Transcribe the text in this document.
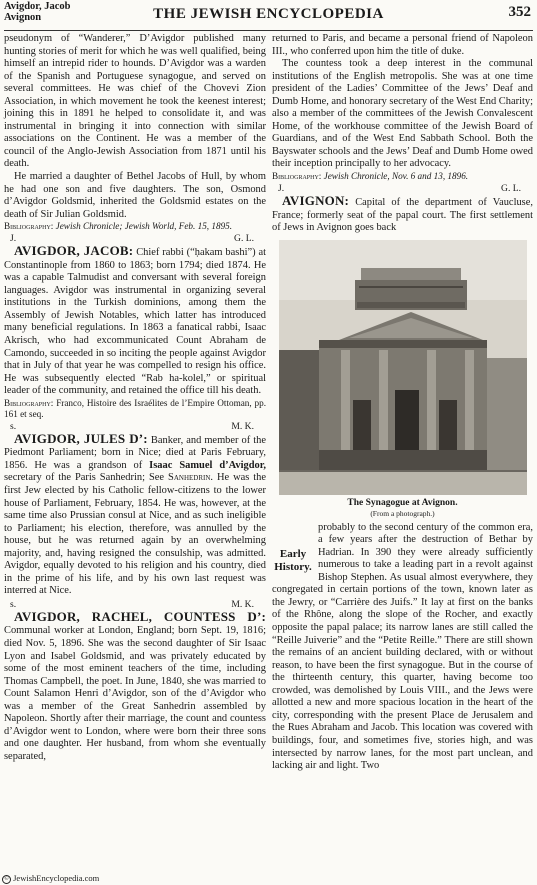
Avigdor, Jacob
Avignon	THE JEWISH ENCYCLOPEDIA	352

pseudonym of “Wanderer,” D’Avigdor published many hunting stories of merit for which he was well qualified, being himself an intrepid rider to hounds. D’Avigdor was a warden of the Spanish and Portuguese synagogue, and served on several committees. He was chief of the Chovevi Zion Association, in which movement he took the keenest interest; joining this in 1891 he helped to consolidate it, and was instrumental in bringing it into connection with similar associations on the Continent. He was a member of the council of the Anglo-Jewish Association from 1871 until his death.

He married a daughter of Bethel Jacobs of Hull, by whom he had one son and five daughters. The son, Osmond d’Avigdor Goldsmid, inherited the Goldsmid estates on the death of Sir Julian Goldsmid.

Bibliography: Jewish Chronicle; Jewish World, Feb. 15, 1895.

J.	G. L.

AVIGDOR, JACOB: Chief rabbi (“ḥakam bashi”) at Constantinople from 1860 to 1863; born 1794; died 1874. He was a capable Talmudist and conversant with several foreign languages. Avigdor was instrumental in organizing several institutions in the Turkish dominions, among them the Assembly of Jewish Notables, which latter has introduced many beneficial regulations. In 1863 a fanatical rabbi, Isaac Akrisch, who had excommunicated Count Abraham de Camondo, succeeded in so inciting the people against Avigdor that in July of that year he was compelled to resign his office. He was subsequently elected “Rab ha-kolel,” or spiritual leader of the community, and retained the office till his death.

Bibliography: Franco, Histoire des Israélites de l’Empire Ottoman, pp. 161 et seq.

s.	M. K.

AVIGDOR, JULES D’: Banker, and member of the Piedmont Parliament; born in Nice; died at Paris February, 1856. He was a grandson of Isaac Samuel d’Avigdor, secretary of the Paris Sanhedrin; See Sanhedrin. He was the first Jew elected by his Catholic fellow-citizens to the lower house of Parliament, February, 1854. He was, however, at the same time also Prussian consul at Nice, and as such ineligible to Parliament; his election, therefore, was annulled by the house, but he was returned again by an overwhelming majority, and, having resigned the consulship, was admitted. Avigdor, equally devoted to his religion and his country, died in the prime of his life, and by his own last request was interred at Nice.

s.	M. K.

AVIGDOR, RACHEL, COUNTESS D’: Communal worker at London, England; born Sept. 19, 1816; died Nov. 5, 1896. She was the second daughter of Sir Isaac Lyon and Isabel Goldsmid, and was privately educated by some of the most eminent teachers of the time, including Thomas Campbell, the poet. In June, 1840, she was married to Count Salamon Henri d’Avigdor, son of the d’Avigdor who was a member of the Great Sanhedrin assembled by Napoleon. Shortly after their marriage, the count and countess d’Avigdor went to London, where were born their three sons and one daughter. Her husband, from whom she eventually separated,

returned to Paris, and became a personal friend of Napoleon III., who conferred upon him the title of duke.

The countess took a deep interest in the communal institutions of the English metropolis. She was at one time president of the Ladies’ Committee of the Jews’ Deaf and Dumb Home, and honorary secretary of the West End Charity; also a member of the committees of the Jewish Convalescent Home, of the workhouse committee of the Jewish Board of Guardians, and of the West End Sabbath School. Both the Bayswater schools and the Jews’ Deaf and Dumb Home owed their inception principally to her advocacy.

Bibliography: Jewish Chronicle, Nov. 6 and 13, 1896.

J.	G. L.

AVIGNON: Capital of the department of Vaucluse, France; formerly seat of the papal court. The first settlement of Jews in Avignon goes back

The Synagogue at Avignon.
(From a photograph.)
Early History.

probably to the second century of the common era, a few years after the destruction of Bethar by Hadrian. In 390 they were already sufficiently numerous to take a leading part in a revolt against Bishop Stephen. As usual almost everywhere, they congregated in certain portions of the town, known later as the Jewry, or “Carrière des Juifs.” It lay at first on the banks of the Rhône, along the slope of the Rocher, and exactly opposite the papal palace; its narrow lanes are still called the “Reille Juiverie” and the “Petite Reille.” There are still shown the remains of an ancient building declared, with or without reason, to have been the first synagogue. But in the course of the thirteenth century, this quarter, having become too crowded, was demolished by Louis VIII., and the Jews were allotted a new and more spacious location in the heart of the city, corresponding with the present Place de Jerusalem and the Rues Abraham and Jacob. This location was covered with buildings, four, and sometimes five, stories high, and was intersected by narrow lanes, for the most part unclean, and lacking air and light. Two

© JewishEncyclopedia.com
